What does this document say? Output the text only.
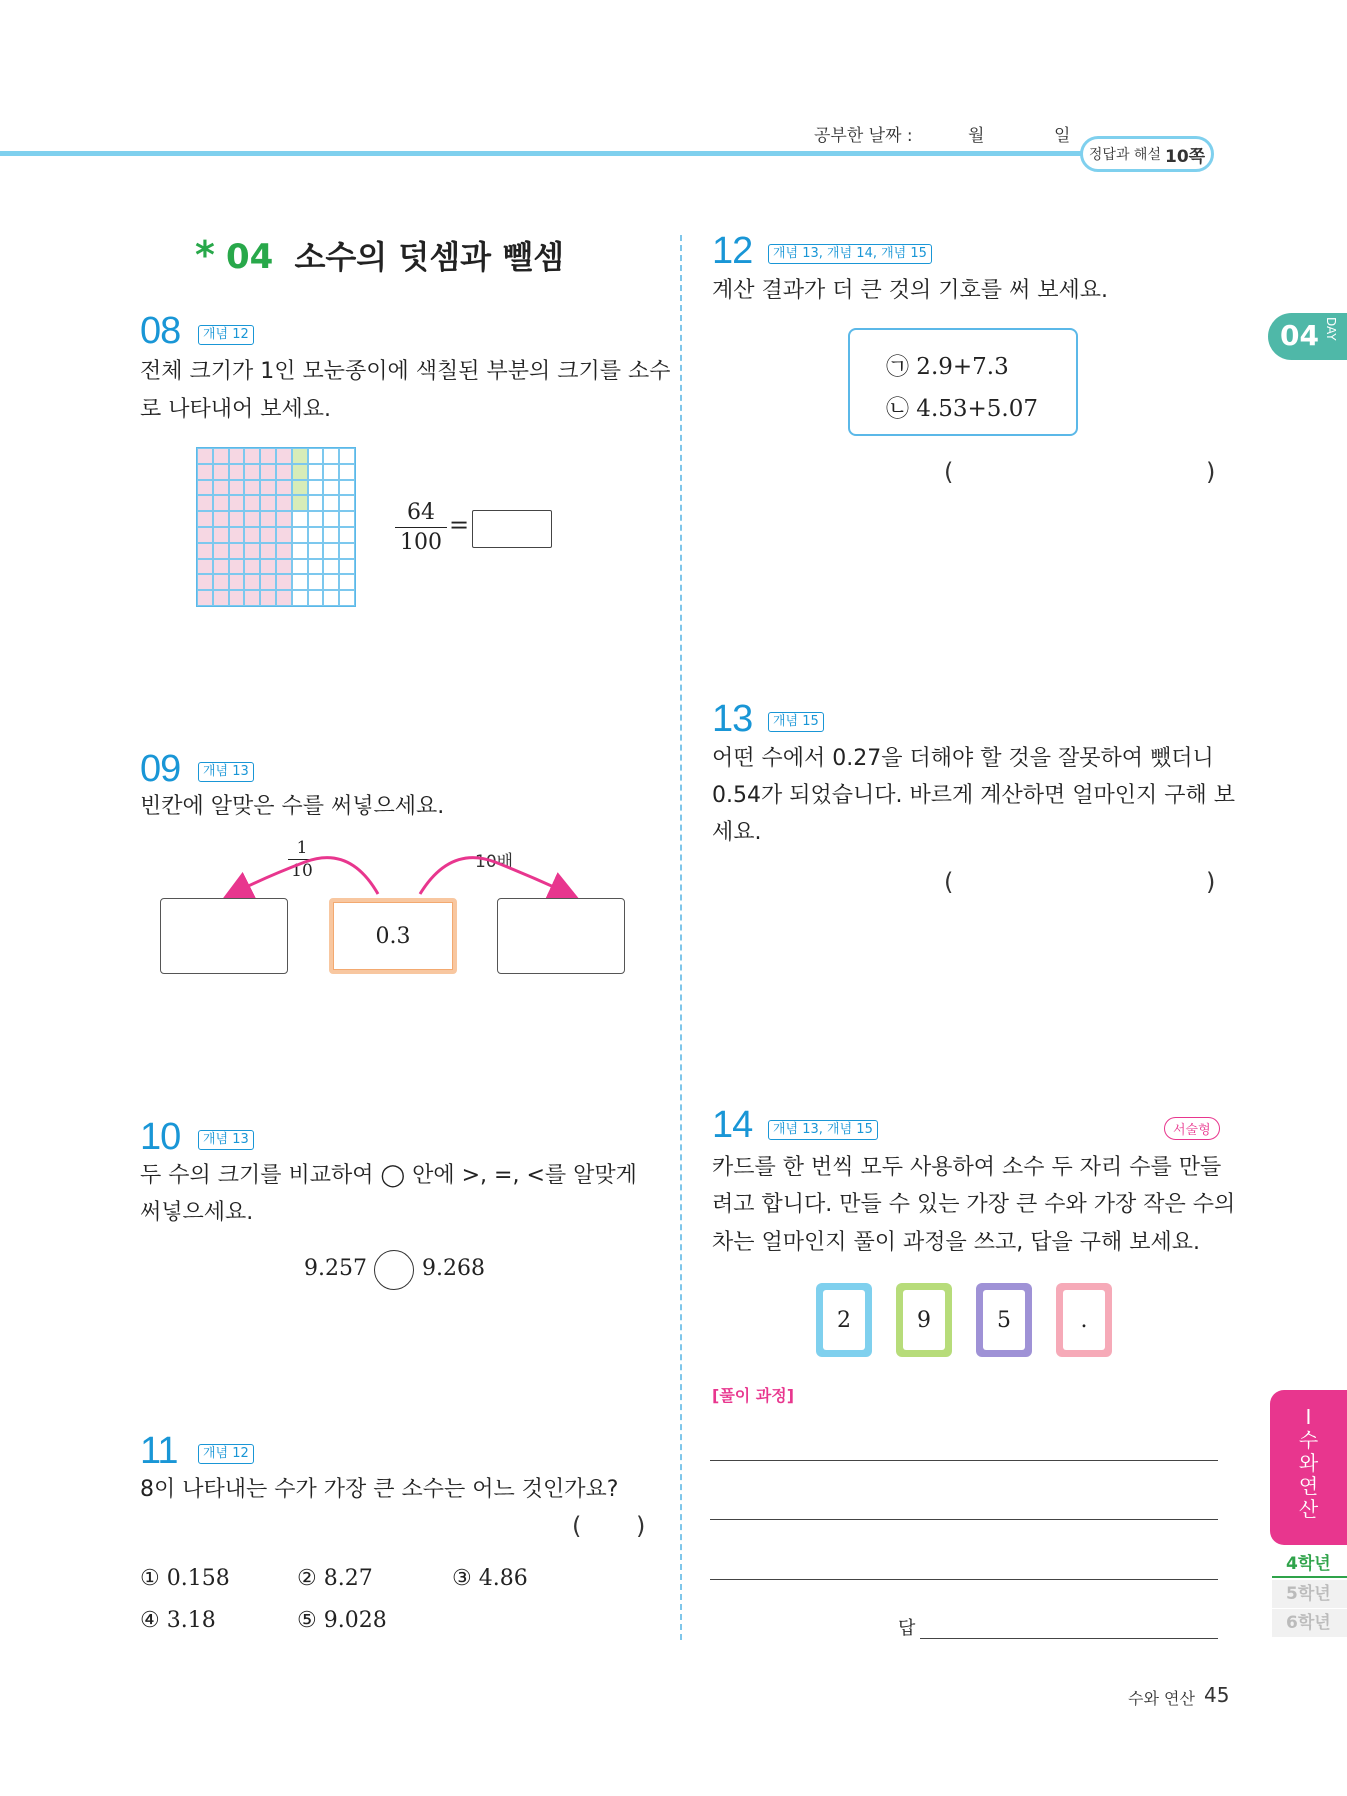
공부한 날짜 :	월	일
정답과 해설 10쪽
04 DAY
I
수
와
연
산
4학년
5학년
6학년
* 04 소수의 덧셈과 뺄셈
08	개념 12
전체 크기가 1인 모눈종이에 색칠된 부분의 크기를 소수
로 나타내어 보세요.
64
100
=
09	개념 13
빈칸에 알맞은 수를 써넣으세요.
1
10	10배
0.3
10	개념 13
두 수의 크기를 비교하여 ◯ 안에 >, =, <를 알맞게
써넣으세요.
9.257	9.268
11	개념 12
8이 나타내는 수가 가장 큰 소수는 어느 것인가요?
( )
① 0.158	② 8.27	③ 4.86
④ 3.18	⑤ 9.028
12	개념 13, 개념 14, 개념 15
계산 결과가 더 큰 것의 기호를 써 보세요.
㉠ 2.9+7.3
㉡ 4.53+5.07
(	)
13	개념 15
어떤 수에서 0.27을 더해야 할 것을 잘못하여 뺐더니
0.54가 되었습니다. 바르게 계산하면 얼마인지 구해 보
세요.
(	)
14	개념 13, 개념 15	서술형
카드를 한 번씩 모두 사용하여 소수 두 자리 수를 만들
려고 합니다. 만들 수 있는 가장 큰 수와 가장 작은 수의
차는 얼마인지 풀이 과정을 쓰고, 답을 구해 보세요.
2	9	5	.
[풀이 과정]
답
수와 연산 45
